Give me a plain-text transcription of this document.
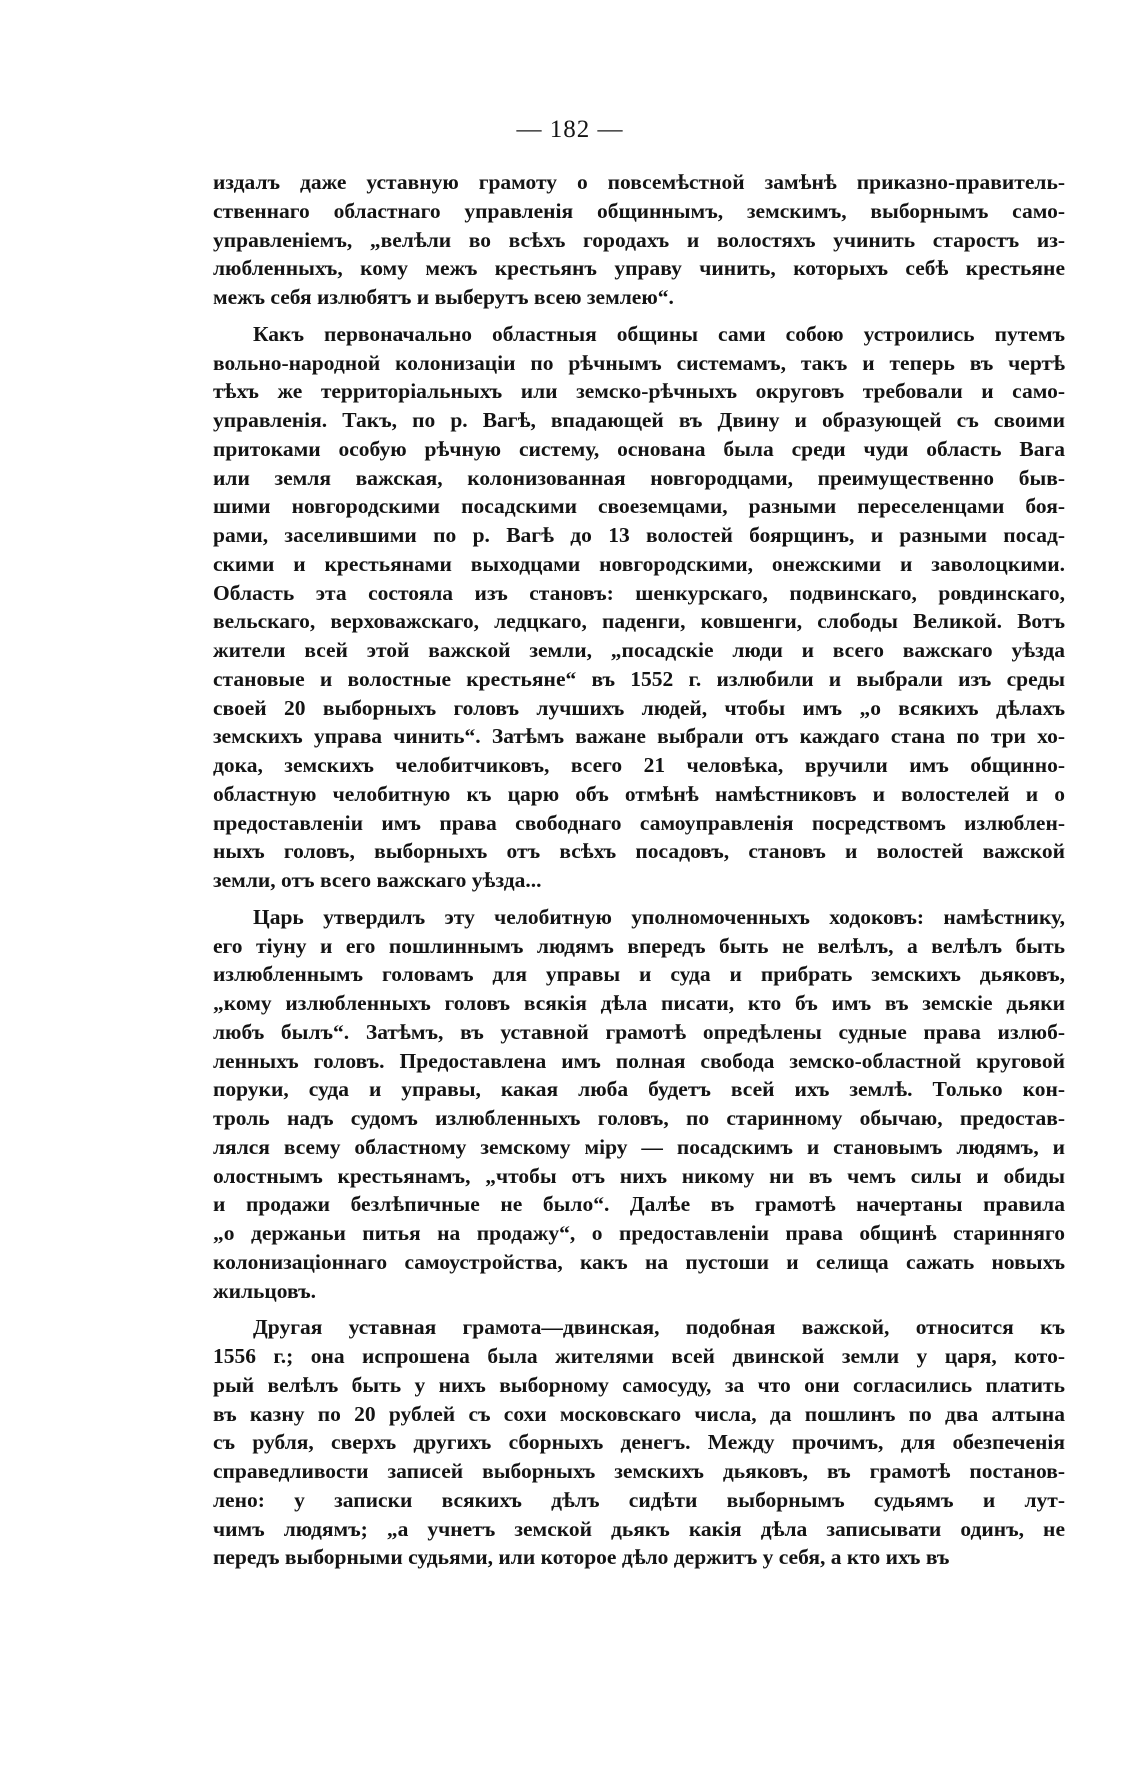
— 182 —
издалъ даже уставную грамоту о повсемѣстной замѣнѣ приказно-правитель-
ственнаго областнаго управленія общиннымъ, земскимъ, выборнымъ само-
управленіемъ, „велѣли во всѣхъ городахъ и волостяхъ учинить старостъ из-
любленныхъ, кому межъ крестьянъ управу чинить, которыхъ себѣ крестьяне
межъ себя излюбятъ и выберутъ всею землею“.
Какъ первоначально областныя общины сами собою устроились путемъ
вольно-народной колонизаціи по рѣчнымъ системамъ, такъ и теперь въ чертѣ
тѣхъ же территоріальныхъ или земско-рѣчныхъ округовъ требовали и само-
управленія. Такъ, по р. Вагѣ, впадающей въ Двину и образующей съ своими
притоками особую рѣчную систему, основана была среди чуди область Вага
или земля важская, колонизованная новгородцами, преимущественно быв-
шими новгородскими посадскими своеземцами, разными переселенцами боя-
рами, заселившими по р. Вагѣ до 13 волостей боярщинъ, и разными посад-
скими и крестьянами выходцами новгородскими, онежскими и заволоцкими.
Область эта состояла изъ становъ: шенкурскаго, подвинскаго, ровдинскаго,
вельскаго, верховажскаго, ледцкаго, паденги, ковшенги, слободы Великой. Вотъ
жители всей этой важской земли, „посадскіе люди и всего важскаго уѣзда
становые и волостные крестьяне“ въ 1552 г. излюбили и выбрали изъ среды
своей 20 выборныхъ головъ лучшихъ людей, чтобы имъ „о всякихъ дѣлахъ
земскихъ управа чинить“. Затѣмъ важане выбрали отъ каждаго стана по три хо-
дока, земскихъ челобитчиковъ, всего 21 человѣка, вручили имъ общинно-
областную челобитную къ царю объ отмѣнѣ намѣстниковъ и волостелей и о
предоставленіи имъ права свободнаго самоуправленія посредствомъ излюблен-
ныхъ головъ, выборныхъ отъ всѣхъ посадовъ, становъ и волостей важской
земли, отъ всего важскаго уѣзда...
Царь утвердилъ эту челобитную уполномоченныхъ ходоковъ: намѣстнику,
его тіуну и его пошлиннымъ людямъ впередъ быть не велѣлъ, а велѣлъ быть
излюбленнымъ головамъ для управы и суда и прибрать земскихъ дьяковъ,
„кому излюбленныхъ головъ всякія дѣла писати, кто бъ имъ въ земскіе дьяки
любъ былъ“. Затѣмъ, въ уставной грамотѣ опредѣлены судные права излюб-
ленныхъ головъ. Предоставлена имъ полная свобода земско-областной круговой
поруки, суда и управы, какая люба будетъ всей ихъ землѣ. Только кон-
троль надъ судомъ излюбленныхъ головъ, по старинному обычаю, предостав-
лялся всему областному земскому міру — посадскимъ и становымъ людямъ, и
олостнымъ крестьянамъ, „чтобы отъ нихъ никому ни въ чемъ силы и обиды
и продажи безлѣпичные не было“. Далѣе въ грамотѣ начертаны правила
„о держаньи питья на продажу“, о предоставленіи права общинѣ старинняго
колонизаціоннаго самоустройства, какъ на пустоши и селища сажать новыхъ
жильцовъ.
Другая уставная грамота—двинская, подобная важской, относится къ
1556 г.; она испрошена была жителями всей двинской земли у царя, кото-
рый велѣлъ быть у нихъ выборному самосуду, за что они согласились платить
въ казну по 20 рублей съ сохи московскаго числа, да пошлинъ по два алтына
съ рубля, сверхъ другихъ сборныхъ денегъ. Между прочимъ, для обезпеченія
справедливости записей выборныхъ земскихъ дьяковъ, въ грамотѣ постанов-
лено: у записки всякихъ дѣлъ сидѣти выборнымъ судьямъ и лут-
чимъ людямъ; „а учнетъ земской дьякъ какія дѣла записывати одинъ, не
передъ выборными судьями, или которое дѣло держитъ у себя, а кто ихъ въ
